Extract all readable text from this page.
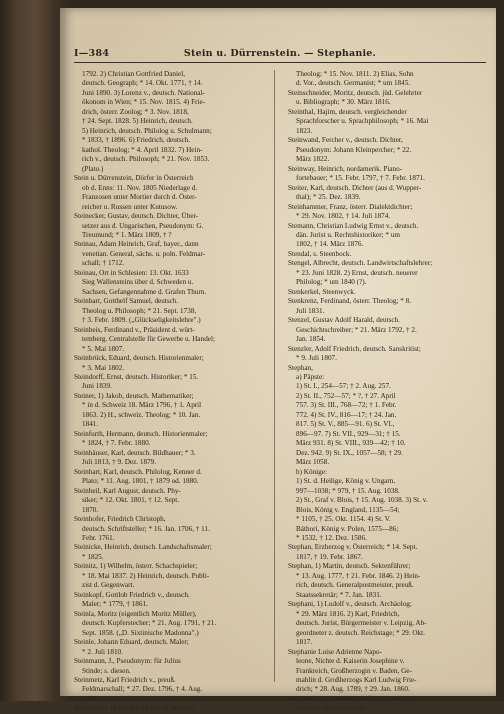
I—384	Stein u. Dürrenstein. — Stephanie.
1792. 2) Christian Gottfried Daniel,
deutsch. Geograph; * 14. Okt. 1771, † 14.
Juni 1890. 3) Lorenz v., deutsch. National-
ökonom in Wien; * 15. Nov. 1815. 4) Frie-
drich, österr. Zoolog; * 3. Nov. 1818,
† 24. Sept. 1828. 5) Heinrich, deutsch.
5) Heinrich, deutsch. Philolog u. Schulmann;
* 1833, † 1896. 6) Friedrich, deutsch.
kathol. Theolog; * 4. April 1832. 7) Hein-
rich v., deutsch. Philosoph; * 21. Nov. 1853.
(Plato.)
Stein u. Dürrenstein, Dörfer in Österreich
ob d. Enns: 11. Nov. 1805 Niederlage d.
Franzosen unter Mortier durch d. Öster-
reicher u. Russen unter Kutusow.
Steinecker, Gustav, deutsch. Dichter, Über-
setzer aus d. Ungarischen, Pseudonym: G.
Treumund; * 1. März 1809, † ?
Steinau, Adam Heinrich, Graf, bayer., dann
venetian. General, sächs. u. poln. Feldmar-
schall; † 1712.
Steinau, Ort in Schlesien: 13. Okt. 1633
Sieg Wallensteins über d. Schweden u.
Sachsen, Gefangennahme d. Grafen Thurn.
Steinbart, Gotthelf Samuel, deutsch.
Theolog u. Philosoph; * 21. Sept. 1738,
† 3. Febr. 1809. („Glückseligkeitslehre".)
Steinbeis, Ferdinand v., Präsident d. würt-
temberg. Centralstelle für Gewerbe u. Handel;
* 5. Mai 1807.
Steinbrück, Eduard, deutsch. Historienmaler;
* 3. Mai 1802.
Steindorff, Ernst, deutsch. Historiker; * 15.
Juni 1839.
Steiner, 1) Jakob, deutsch. Mathematiker;
* in d. Schweiz 18. März 1796, † 1. April
1863. 2) H., schweiz. Theolog; * 10. Jan.
1841.
Steinfurth, Hermann, deutsch. Historienmaler;
* 1824, † 7. Febr. 1880.
Steinhäuser, Karl, deutsch. Bildhauer; * 3.
Juli 1813, † 9. Dez. 1879.
Steinhart, Karl, deutsch. Philolog, Kenner d.
Plato; * 11. Aug. 1801, † 1879 od. 1880.
Steinheil, Karl August, deutsch. Phy-
siker; * 12. Okt. 1801, † 12. Sept.
1870.
Steinhofer, Friedrich Christoph,
deutsch. Schriftsteller; * 16. Jan. 1706, † 11.
Febr. 1761.
Steinicke, Heinrich, deutsch. Landschaftsmaler;
* 1825.
Steinitz, 1) Wilhelm, österr. Schachspieler;
* 18. Mai 1837. 2) Heinrich, deutsch. Publi-
zist d. Gegenwart.
Steinkopf, Gottlob Friedrich v., deutsch.
Maler; * 1779, † 1861.
Steinla, Moritz (eigentlich Moritz Müller),
deutsch. Kupferstecher; * 21. Aug. 1791, † 21.
Sept. 1858. („D. Sixtinische Madonna".)
Steinle, Johann Eduard, deutsch. Maler;
* 2. Juli 1810.
Steinmann, J., Pseudonym: für Julius
Stinde; s. diesen.
Steinmetz, Karl Friedrich v., preuß.
Feldmarschall; * 27. Dez. 1796, † 4. Aug.
1877.
Steinmeyer, 1) Friedrich Ludwig, deutsch.
Theolog; * 15. Nov. 1811. 2) Elias, Sohn
d. Vor., deutsch. Germanist; * um 1845.
Steinschneider, Moritz, deutsch. jüd. Gelehrter
u. Bibliograph; * 30. März 1816.
Steinthal, Hajim, deutsch. vergleichender
Sprachforscher u. Sprachphilosoph; * 16. Mai
1823.
Steinwand, Fercher v., deutsch. Dichter,
Pseudonym: Johann Kleinpercher; * 22.
März 1822.
Steinway, Heinrich, nordamerik. Piano-
fortebauer; * 15. Febr. 1797, † 7. Febr. 1871.
Steiter, Karl, deutsch. Dichter (aus d. Wupper-
thal); * 25. Dez. 1839.
Steinhammer, Franz, österr. Dialektdichter;
* 29. Nov. 1802, † 14. Juli 1874.
Stemann, Christian Ludwig Ernst v., deutsch.
dän. Jurist u. Rechtshistoriker; * um
1802, † 14. März 1876.
Stendal, s. Steenbock.
Stengel, Albrecht, deutsch. Landwirtschaftslehrer;
* 23. Juni 1828. 2) Ernst, deutsch. neuerer
Philolog; * um 1840 (?).
Stenkerkel, Steenwyck.
Stenkrenz, Ferdinand, österr. Theolog; * 8.
Juli 1831.
Stenzel, Gustav Adolf Harald, deutsch.
Geschichtschreiber; * 21. März 1792, † 2.
Jan. 1854.
Stenzler, Adolf Friedrich, deutsch. Sanskritist;
* 9. Juli 1807.
Stephan,
a) Päpste:
1) St. I., 254—57; † 2. Aug. 257.
2) St. II., 752—57; * ?, † 27. April
757. 3) St. III., 768—72; † 1. Febr.
772. 4) St. IV., 816—17; † 24. Jan.
817. 5) St. V., 885—91. 6) St. VI.,
896—97. 7) St. VII., 929—31; † 15.
März 931. 8) St. VIII., 939—42; † 10.
Dez. 942. 9) St. IX., 1057—58; † 29.
März 1058.
b) Könige:
1) St. d. Heilige, König v. Ungarn,
997—1038; * 979, † 15. Aug. 1038.
2) St., Graf v. Blois, † 15. Aug. 1038. 3) St. v.
Blois, König v. England, 1135—54;
* 1105, † 25. Okt. 1154. 4) St. V.
Báthori, König v. Polen, 1575—86;
* 1532, † 12. Dez. 1586.
Stephan, Erzherzog v. Österreich; * 14. Sept.
1817, † 19. Febr. 1867.
Stephan, 1) Martin, deutsch. Sektenführer;
* 13. Aug. 1777, † 21. Febr. 1846. 2) Hein-
rich, deutsch. Generalpostmeister, preuß.
Staatssekretär; * 7. Jan. 1831.
Stephani, 1) Ludolf v., deutsch. Archäolog;
* 29. März 1816. 2) Karl, Friedrich,
deutsch. Jurist, Bürgermeister v. Leipzig, Ab-
geordneter z. deutsch. Reichstage; * 29. Okt.
1817.
Stephanie Luise Adrienne Napo-
leone, Nichte d. Kaiserin Josephine v.
Frankreich, Großherzogin v. Baden, Ge-
mahlin d. Großherzogs Karl Ludwig Frie-
drich; * 28. Aug. 1789, † 29. Jan. 1860.
Stephanie, Dr., Pseudonym für: Kathinka Zitz,
deutsche Schriftstellerin.
